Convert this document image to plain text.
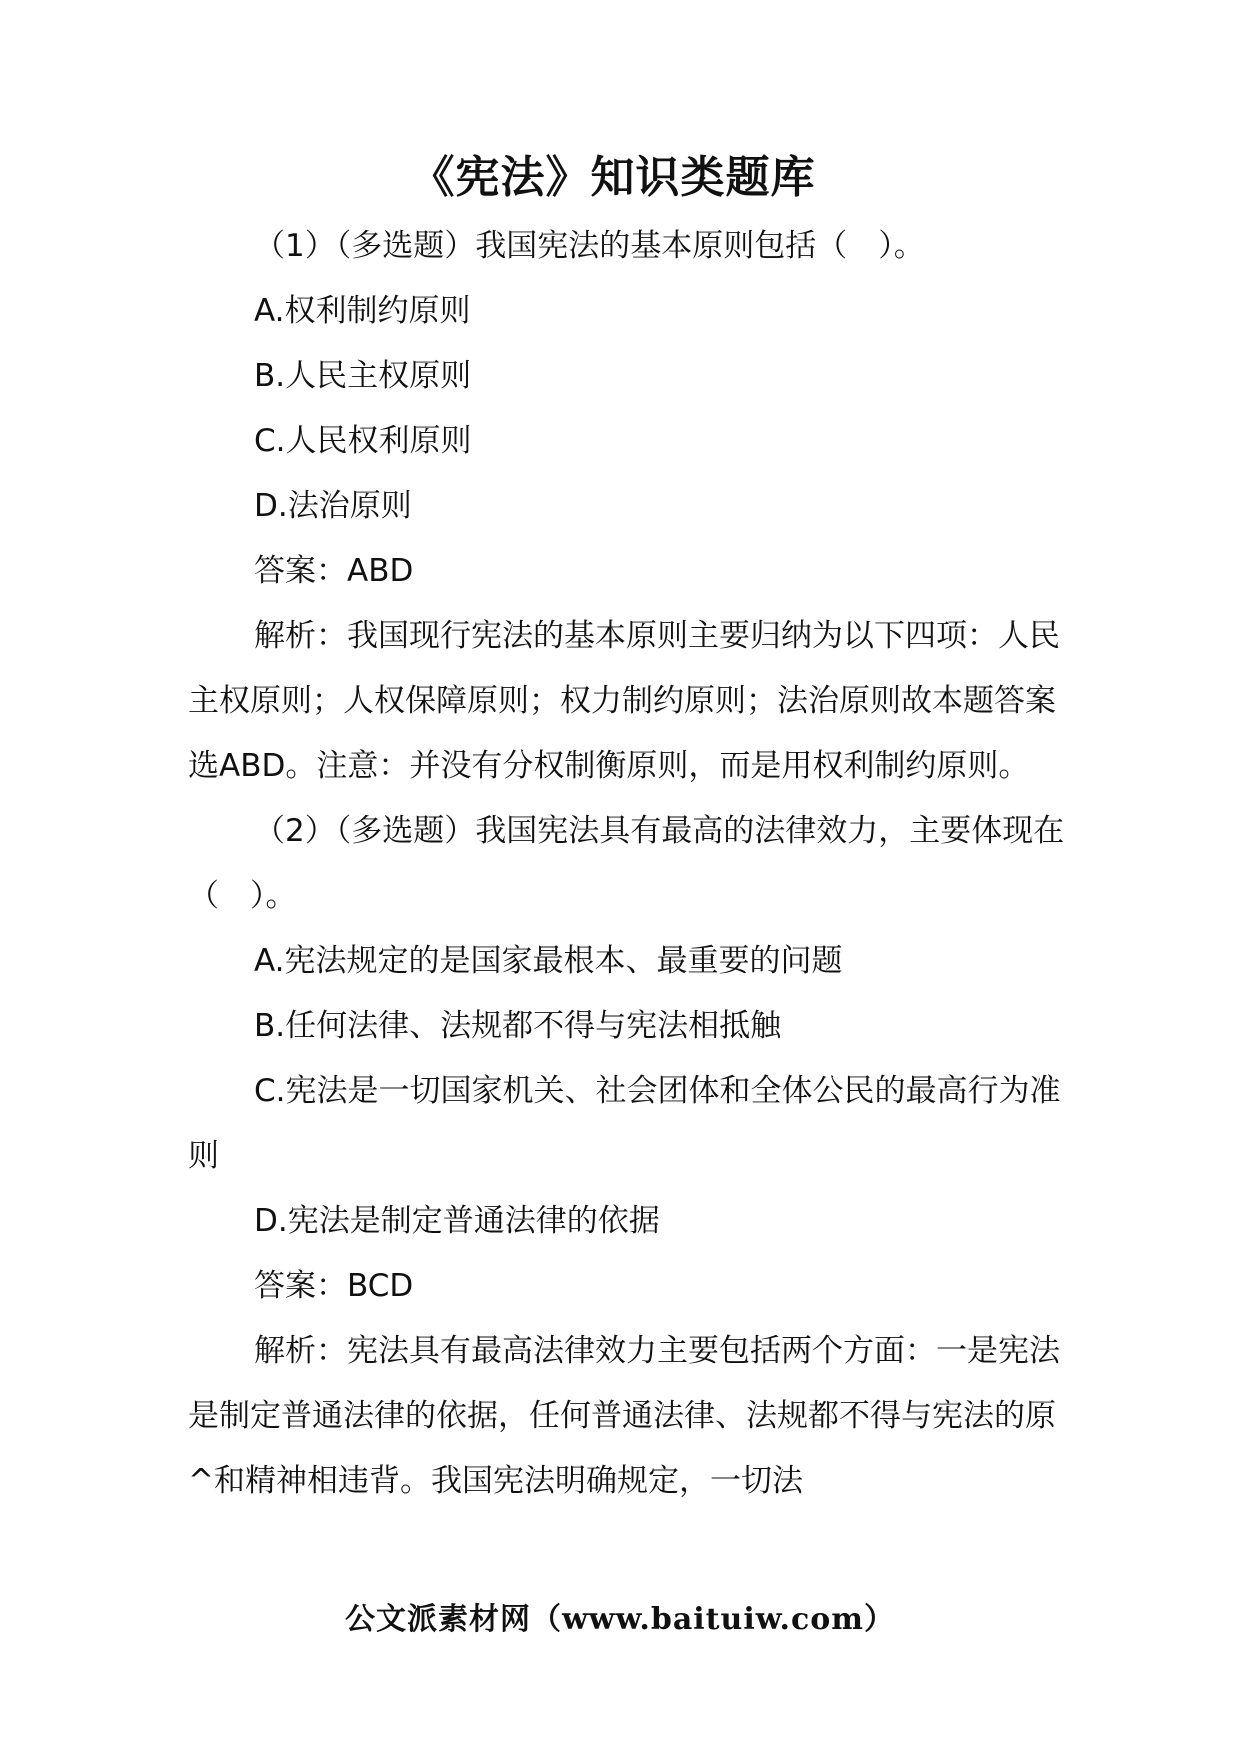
《宪法》知识类题库

（1）（多选题）我国宪法的基本原则包括（　）。

A.权利制约原则

B.人民主权原则

C.人民权利原则

D.法治原则

答案：ABD

解析：我国现行宪法的基本原则主要归纳为以下四项：人民主权原则；人权保障原则；权力制约原则；法治原则故本题答案选ABD。注意：并没有分权制衡原则，而是用权利制约原则。

（2）（多选题）我国宪法具有最高的法律效力，主要体现在（　）。

A.宪法规定的是国家最根本、最重要的问题

B.任何法律、法规都不得与宪法相抵触

C.宪法是一切国家机关、社会团体和全体公民的最高行为准则

D.宪法是制定普通法律的依据

答案：BCD

解析：宪法具有最高法律效力主要包括两个方面：一是宪法是制定普通法律的依据，任何普通法律、法规都不得与宪法的原^和精神相违背。我国宪法明确规定，一切法

公文派素材网（www.baituiw.com）
